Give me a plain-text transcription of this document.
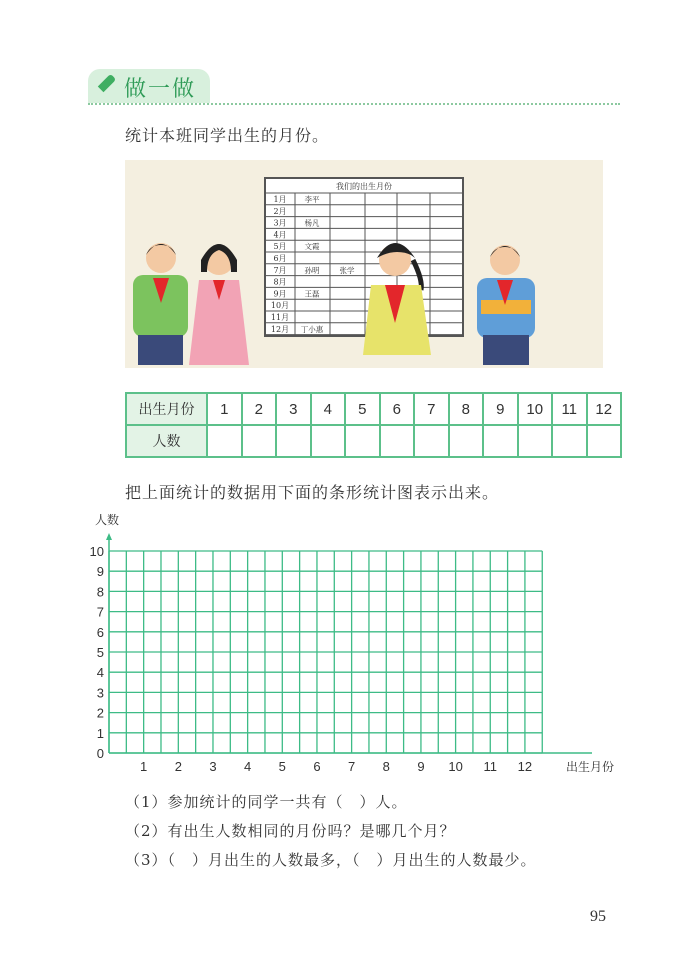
做一做
统计本班同学出生的月份。
我们的出生月份
1月 李平
2月
3月 杨凡
4月
5月 文霞
6月
7月 孙明	张学
8月
9月 王磊
10月
11月
12月 丁小惠
出生月份	1	2	3	4	5	6	7	8	9	10	11	12
人数												
把上面统计的数据用下面的条形统计图表示出来。
0
1
2
3
4
5
6
7
8
9
10
1 2 3 4 5 6 7 8 9 10 11 12	出生月份
人数
（1）参加统计的同学一共有（　）人。
（2）有出生人数相同的月份吗？是哪几个月？
（3）（　）月出生的人数最多，（　）月出生的人数最少。
95
